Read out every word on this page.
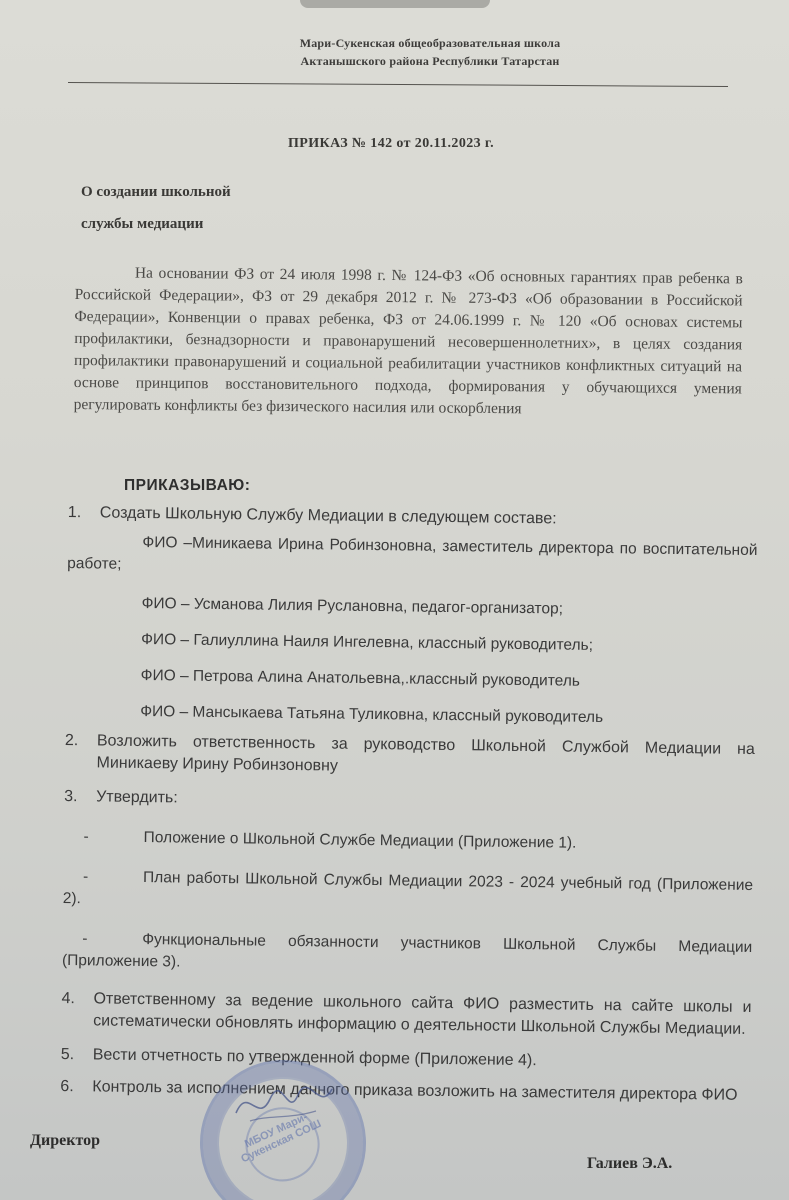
Мари-Сукенская общеобразовательная школа
Актанышского района Республики Татарстан
ПРИКАЗ № 142 от 20.11.2023 г.
О создании школьной
службы медиации
На основании ФЗ от 24 июля 1998 г. № 124-ФЗ «Об основных гарантиях прав ребенка в Российской Федерации», ФЗ от 29 декабря 2012 г. № 273-ФЗ «Об образовании в Российской Федерации», Конвенции о правах ребенка, ФЗ от 24.06.1999 г. № 120 «Об основах системы профилактики, безнадзорности и правонарушений несовершеннолетних», в целях создания профилактики правонарушений и социальной реабилитации участников конфликтных ситуаций на основе принципов восстановительного подхода, формирования у обучающихся умения регулировать конфликты без физического насилия или оскорбления
ПРИКАЗЫВАЮ:
1.	Создать Школьную Службу Медиации в следующем составе:
ФИО –Миникаева Ирина Робинзоновна, заместитель директора по воспитательной работе;
ФИО – Усманова Лилия Руслановна, педагог-организатор;
ФИО – Галиуллина Наиля Ингелевна, классный руководитель;
ФИО – Петрова Алина Анатольевна,.классный руководитель
ФИО – Мансыкаева Татьяна Туликовна, классный руководитель
2.	Возложить ответственность за руководство Школьной Службой Медиации на Миникаеву Ирину Робинзоновну
3.	Утвердить:
-	Положение о Школьной Службе Медиации (Приложение 1).
-	План работы Школьной Службы Медиации 2023 - 2024 учебный год (Приложение 2).
-	Функциональные обязанности участников Школьной Службы Медиации (Приложение 3).
4.	Ответственному за ведение школьного сайта ФИО разместить на сайте школы и систематически обновлять информацию о деятельности Школьной Службы Медиации.
5.	Вести отчетность по утвержденной форме (Приложение 4).
6.	Контроль за исполнением данного приказа возложить на заместителя директора ФИО
МБОУ Мари-Сукенская СОШ
Директор
Галиев Э.А.
